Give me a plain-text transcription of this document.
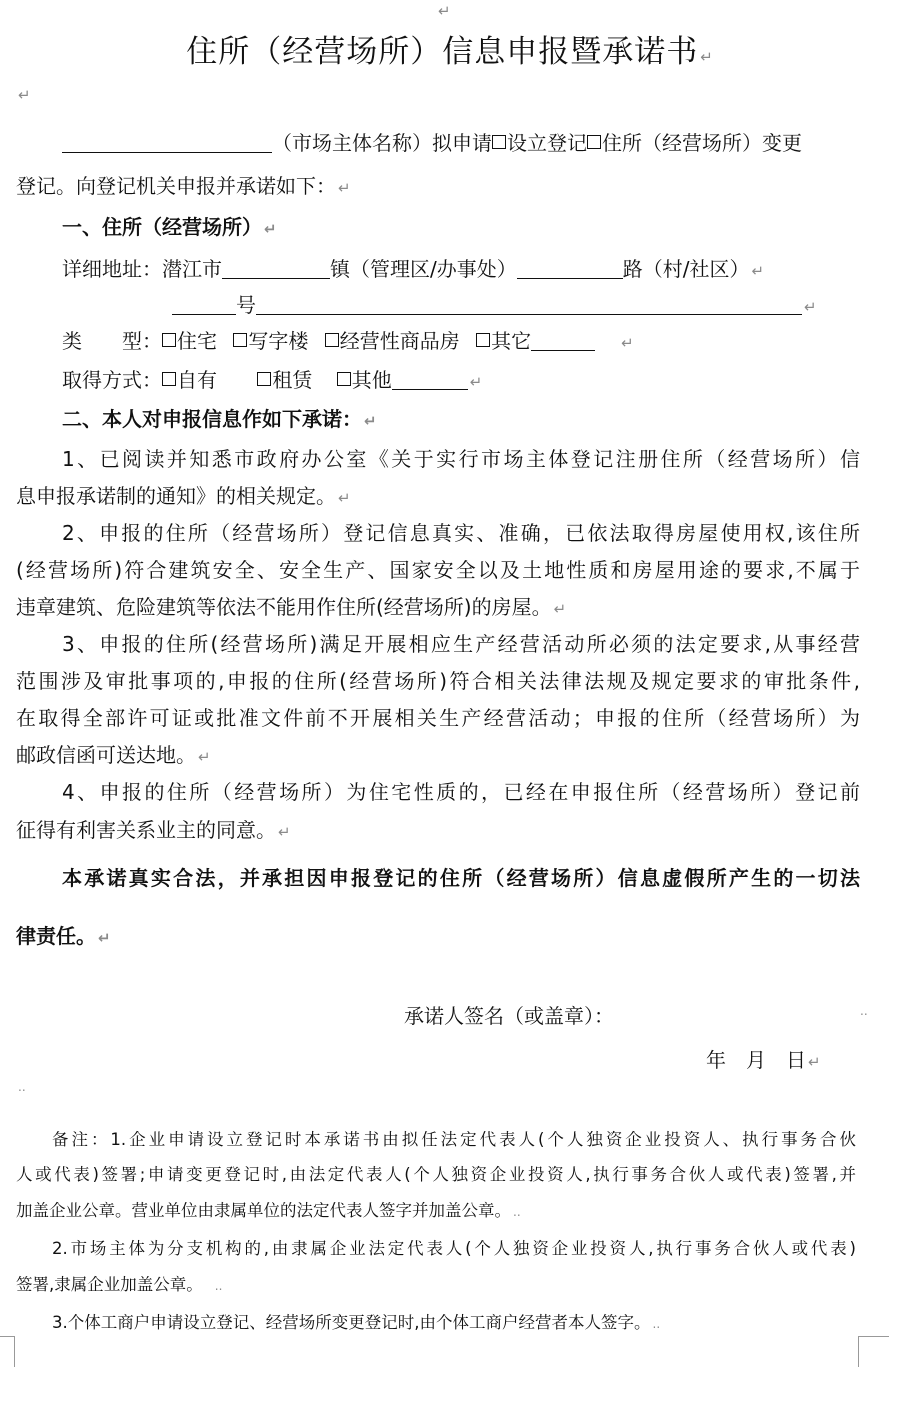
↵
住所（经营场所）信息申报暨承诺书 ↵
↵
（市场主体名称）拟申请 设立登记 住所（经营场所）变更
登记。向登记机关申报并承诺如下： ↵
一、住所（经营场所） ↵
详细地址：潜江市	镇（管理区/办事处）	路（村/社区） ↵
号	↵
类　　型： 住宅 写字楼 经营性商品房 其它	↵
取得方式： 自有	租赁 其他	↵
二、本人对申报信息作如下承诺： ↵
1、已阅读并知悉市政府办公室《关于实行市场主体登记注册住所（经营场所）信
息申报承诺制的通知》的相关规定。 ↵
2、申报的住所（经营场所）登记信息真实、准确，已依法取得房屋使用权,该住所
(经营场所)符合建筑安全、安全生产、国家安全以及土地性质和房屋用途的要求,不属于
违章建筑、危险建筑等依法不能用作住所(经营场所)的房屋。 ↵
3、申报的住所(经营场所)满足开展相应生产经营活动所必须的法定要求,从事经营
范围涉及审批事项的,申报的住所(经营场所)符合相关法律法规及规定要求的审批条件,
在取得全部许可证或批准文件前不开展相关生产经营活动；申报的住所（经营场所）为
邮政信函可送达地。 ↵
4、申报的住所（经营场所）为住宅性质的，已经在申报住所（经营场所）登记前
征得有利害关系业主的同意。 ↵
本承诺真实合法，并承担因申报登记的住所（经营场所）信息虚假所产生的一切法
律责任。 ↵
承诺人签名（或盖章）：	..
年　月　日 ↵
..
备注：1.企业申请设立登记时本承诺书由拟任法定代表人(个人独资企业投资人、执行事务合伙
人或代表)签署;申请变更登记时,由法定代表人(个人独资企业投资人,执行事务合伙人或代表)签署,并
加盖企业公章。营业单位由隶属单位的法定代表人签字并加盖公章。 ..
2.市场主体为分支机构的,由隶属企业法定代表人(个人独资企业投资人,执行事务合伙人或代表)
签署,隶属企业加盖公章。 ..
3.个体工商户申请设立登记、经营场所变更登记时,由个体工商户经营者本人签字。 ..
